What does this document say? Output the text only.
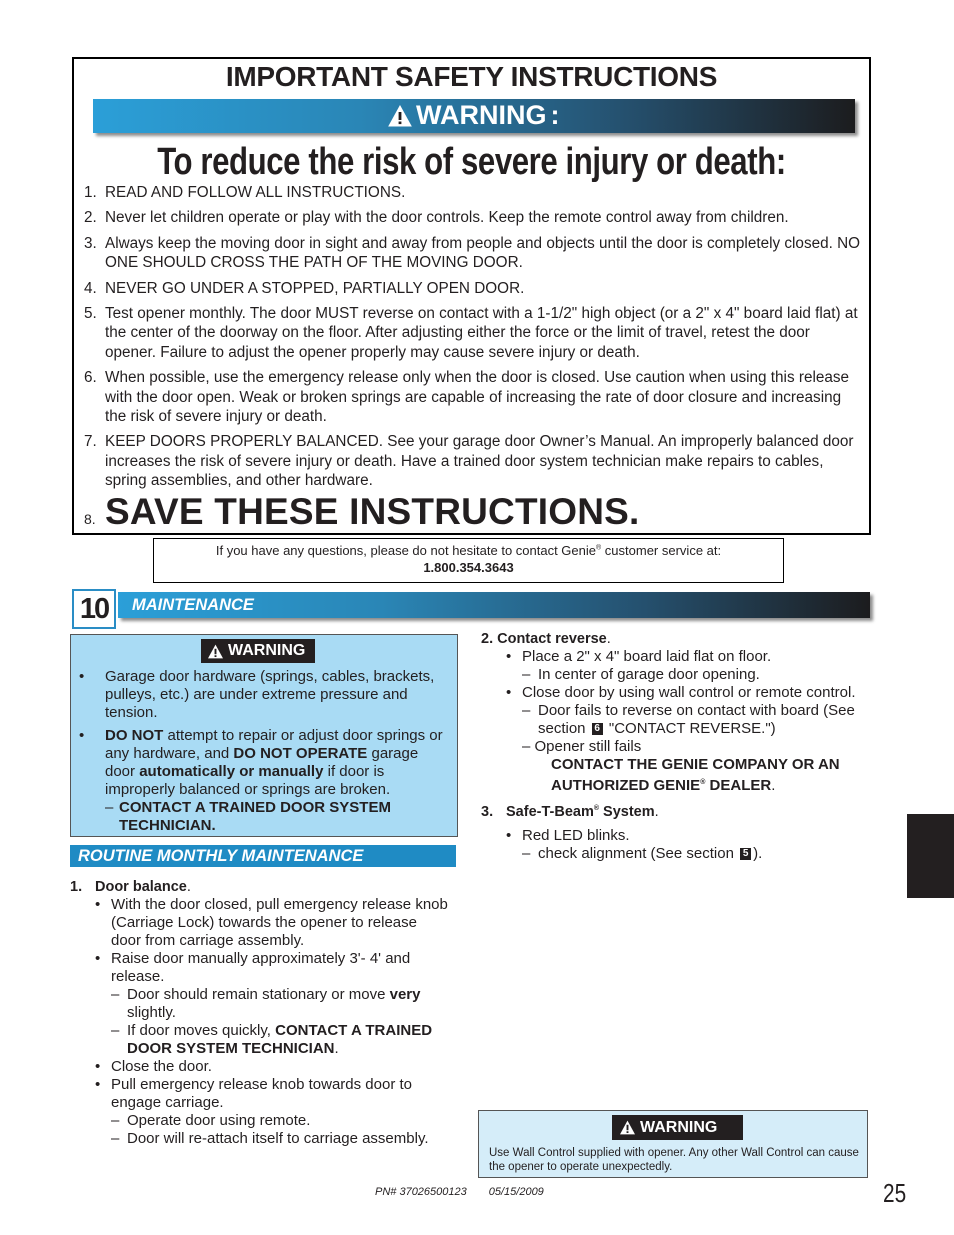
IMPORTANT SAFETY INSTRUCTIONS
WARNING :
To reduce the risk of severe injury or death:
1. READ AND FOLLOW ALL INSTRUCTIONS.
2. Never let children operate or play with the door controls. Keep the remote control away from children.
3. Always keep the moving door in sight and away from people and objects until the door is completely closed. NO ONE SHOULD CROSS THE PATH OF THE MOVING DOOR.
4. NEVER GO UNDER A STOPPED, PARTIALLY OPEN DOOR.
5. Test opener monthly. The door MUST reverse on contact with a 1-1/2" high object (or a 2" x 4" board laid flat) at the center of the doorway on the floor. After adjusting either the force or the limit of travel, retest the door opener. Failure to adjust the opener properly may cause severe injury or death.
6. When possible, use the emergency release only when the door is closed. Use caution when using this release with the door open. Weak or broken springs are capable of increasing the rate of door closure and increasing the risk of severe injury or death.
7. KEEP DOORS PROPERLY BALANCED. See your garage door Owner’s Manual. An improperly balanced door increases the risk of severe injury or death. Have a trained door system technician make repairs to cables, spring assemblies, and other hardware.
8. SAVE THESE INSTRUCTIONS.
If you have any questions, please do not hesitate to contact Genie® customer service at:
1.800.354.3643
MAINTENANCE
10
WARNING
•	Garage door hardware (springs, cables, brackets, pulleys, etc.) are under extreme pressure and tension.
•	DO NOT attempt to repair or adjust door springs or any hardware, and DO NOT OPERATE garage door automatically or manually if door is improperly balanced or springs are broken.
– CONTACT A TRAINED DOOR SYSTEM TECHNICIAN.
ROUTINE MONTHLY MAINTENANCE
1. Door balance.
• With the door closed, pull emergency release knob (Carriage Lock) towards the opener to release door from carriage assembly.
• Raise door manually approximately 3'- 4' and release.
– Door should remain stationary or move very slightly.
– If door moves quickly, CONTACT A TRAINED DOOR SYSTEM TECHNICIAN.
• Close the door.
• Pull emergency release knob towards door to engage carriage.
– Operate door using remote.
– Door will re-attach itself to carriage assembly.
2. Contact reverse.
• Place a 2" x 4" board laid flat on floor.
– In center of garage door opening.
• Close door by using wall control or remote control.
– Door fails to reverse on contact with board (See section 6 "CONTACT REVERSE.")
– Opener still fails
CONTACT THE GENIE COMPANY OR AN AUTHORIZED GENIE® DEALER.
3. Safe-T-Beam® System.
• Red LED blinks.
– check alignment (See section 5 ).
WARNING
Use Wall Control supplied with opener. Any other Wall Control can cause the opener to operate unexpectedly.
PN# 37026500123 05/15/2009	25
